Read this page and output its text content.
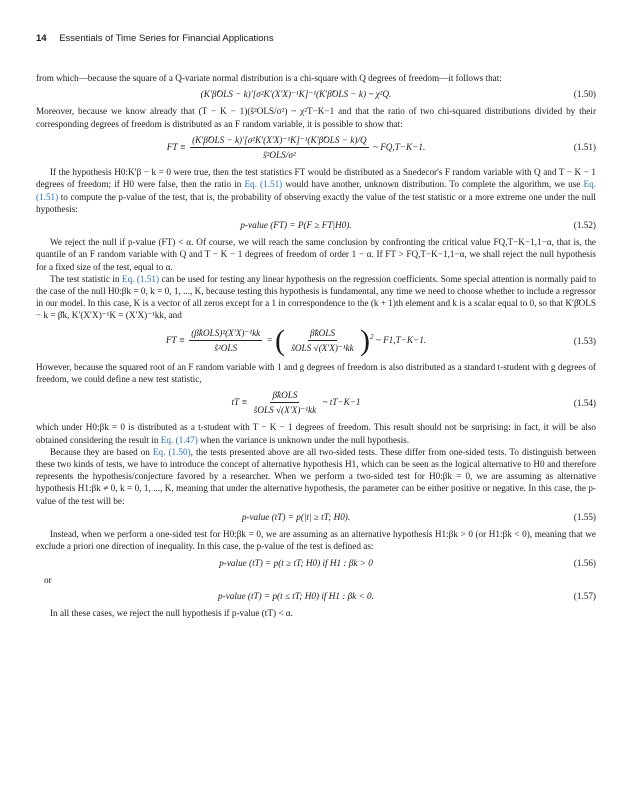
14 Essentials of Time Series for Financial Applications

from which—because the square of a Q-variate normal distribution is a chi-square with Q degrees of freedom—it follows that:

(K′β̂OLS − k)′[σ²K′(X′X)⁻¹K]⁻¹(K′β̂OLS − k) ~ χ²Q.	(1.50)

Moreover, because we know already that (T − K − 1)(ŝ²OLS/σ²) ~ χ²T−K−1 and that the ratio of two chi-squared distributions divided by their corresponding degrees of freedom is distributed as an F random variable, it is possible to show that:

FT ≡ $\frac{\text{(K′β̂OLS − k)′[σ²K′(X′X)⁻¹K]⁻¹(K′β̂OLS − k)/Q}}{\text{ŝ²OLS/σ²}}$ ~ FQ,T−K−1.	(1.51)

If the hypothesis H0:K′β − k = 0 were true, then the test statistics FT would be distributed as a Snedecor's F random variable with Q and T − K − 1 degrees of freedom; if H0 were false, then the ratio in Eq. (1.51) would have another, unknown distribution. To complete the algorithm, we use Eq. (1.51) to compute the p-value of the test, that is, the probability of observing exactly the value of the test statistic or a more extreme one under the null hypothesis:

p-value (FT) = P(F ≥ FT|H0).	(1.52)

We reject the null if p-value (FT) < α. Of course, we will reach the same conclusion by confronting the critical value FQ,T−K−1,1−α, that is, the quantile of an F random variable with Q and T − K − 1 degrees of freedom of order 1 − α. If FT > FQ,T−K−1,1−α, we shall reject the null hypothesis for a fixed size of the test, equal to α.

The test statistic in Eq. (1.51) can be used for testing any linear hypothesis on the regression coefficients. Some special attention is normally paid to the case of the null H0:βk = 0, k = 0, 1, ..., K, because testing this hypothesis is fundamental, any time we need to choose whether to include a regressor in our model. In this case, K is a vector of all zeros except for a 1 in correspondence to the (k + 1)th element and k is a scalar equal to 0, so that K′β̂OLS − k = β̂k, K′(X′X)⁻¹K = (X′X)⁻¹kk, and

FT ≡ $\frac{\text{(β̂kOLS)²(X′X)⁻¹kk}}{\text{ŝ²OLS}}$ = ( $\frac{\text{β̂kOLS}}{\text{ŝOLS √(X′X)⁻¹kk}} )^2$ ~ F1,T−K−1.	(1.53)

However, because the squared root of an F random variable with 1 and g degrees of freedom is also distributed as a standard t-student with g degrees of freedom, we could define a new test statistic,

tT ≡ $\frac{\text{β̂kOLS}}{\text{ŝOLS √(X′X)⁻¹kk}}$ ~ tT−K−1	(1.54)

which under H0:βk = 0 is distributed as a t-student with T − K − 1 degrees of freedom. This result should not be surprising: in fact, it will be also obtained considering the result in Eq. (1.47) when the variance is unknown under the null hypothesis.

Because they are based on Eq. (1.50), the tests presented above are all two-sided tests. These differ from one-sided tests. To distinguish between these two kinds of tests, we have to introduce the concept of alternative hypothesis H1, which can be seen as the logical alternative to H0 and therefore represents the hypothesis/conjecture favored by a researcher. When we perform a two-sided test for H0:βk = 0, we are assuming as alternative hypothesis H1:βk ≠ 0, k = 0, 1, ..., K, meaning that under the alternative hypothesis, the parameter can be either positive or negative. In this case, the p-value of the test will be:

p-value (tT) = p(|t| ≥ tT; H0).	(1.55)

Instead, when we perform a one-sided test for H0:βk = 0, we are assuming as an alternative hypothesis H1:βk > 0 (or H1:βk < 0), meaning that we exclude a priori one direction of inequality. In this case, the p-value of the test is defined as:

p-value (tT) = p(t ≥ tT; H0) if H1 : βk > 0	(1.56)

or

p-value (tT) = p(t ≤ tT; H0) if H1 : βk < 0.	(1.57)

In all these cases, we reject the null hypothesis if p-value (tT) < α.
